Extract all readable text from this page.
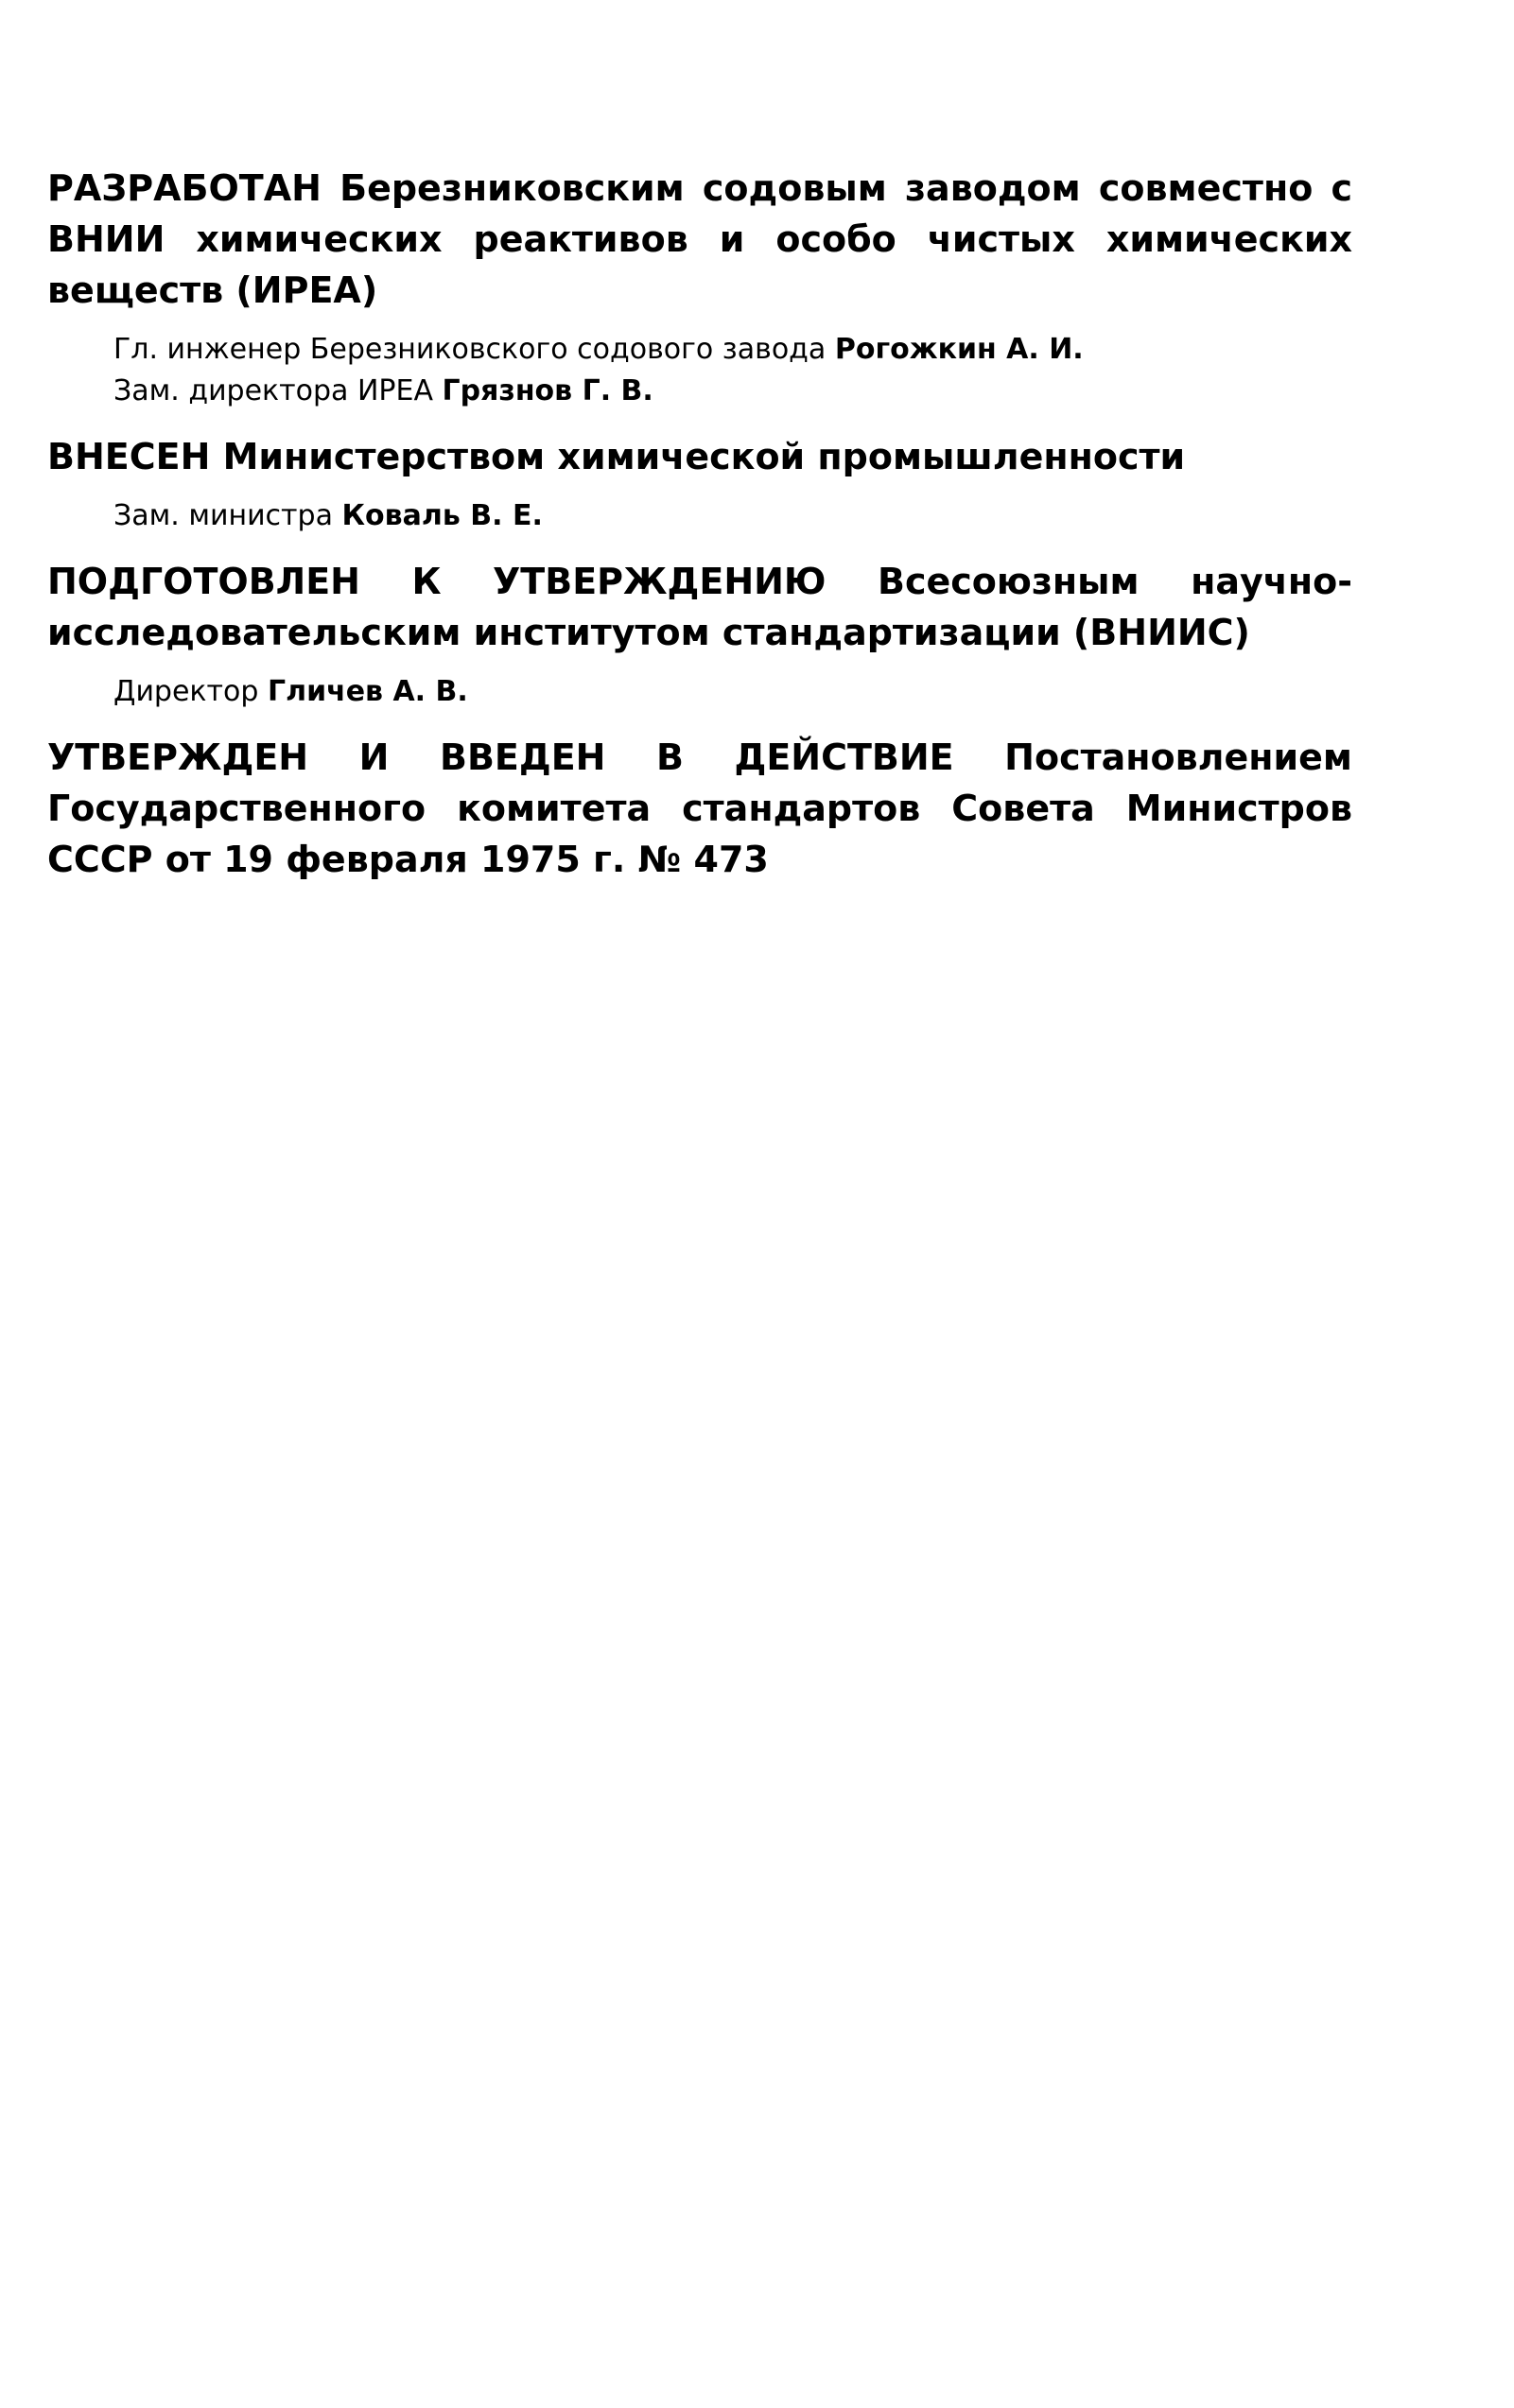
РАЗРАБОТАН Березниковским содовым заводом совместно с ВНИИ химических реактивов и особо чистых химических веществ (ИРЕА)

Гл. инженер Березниковского содового завода Рогожкин А. И.
Зам. директора ИРЕА Грязнов Г. В.

ВНЕСЕН Министерством химической промышленности

Зам. министра Коваль В. Е.

ПОДГОТОВЛЕН К УТВЕРЖДЕНИЮ Всесоюзным научно-исследовательским институтом стандартизации (ВНИИС)

Директор Гличев А. В.

УТВЕРЖДЕН И ВВЕДЕН В ДЕЙСТВИЕ Постановлением Государственного комитета стандартов Совета Министров СССР от 19 февраля 1975 г. № 473
